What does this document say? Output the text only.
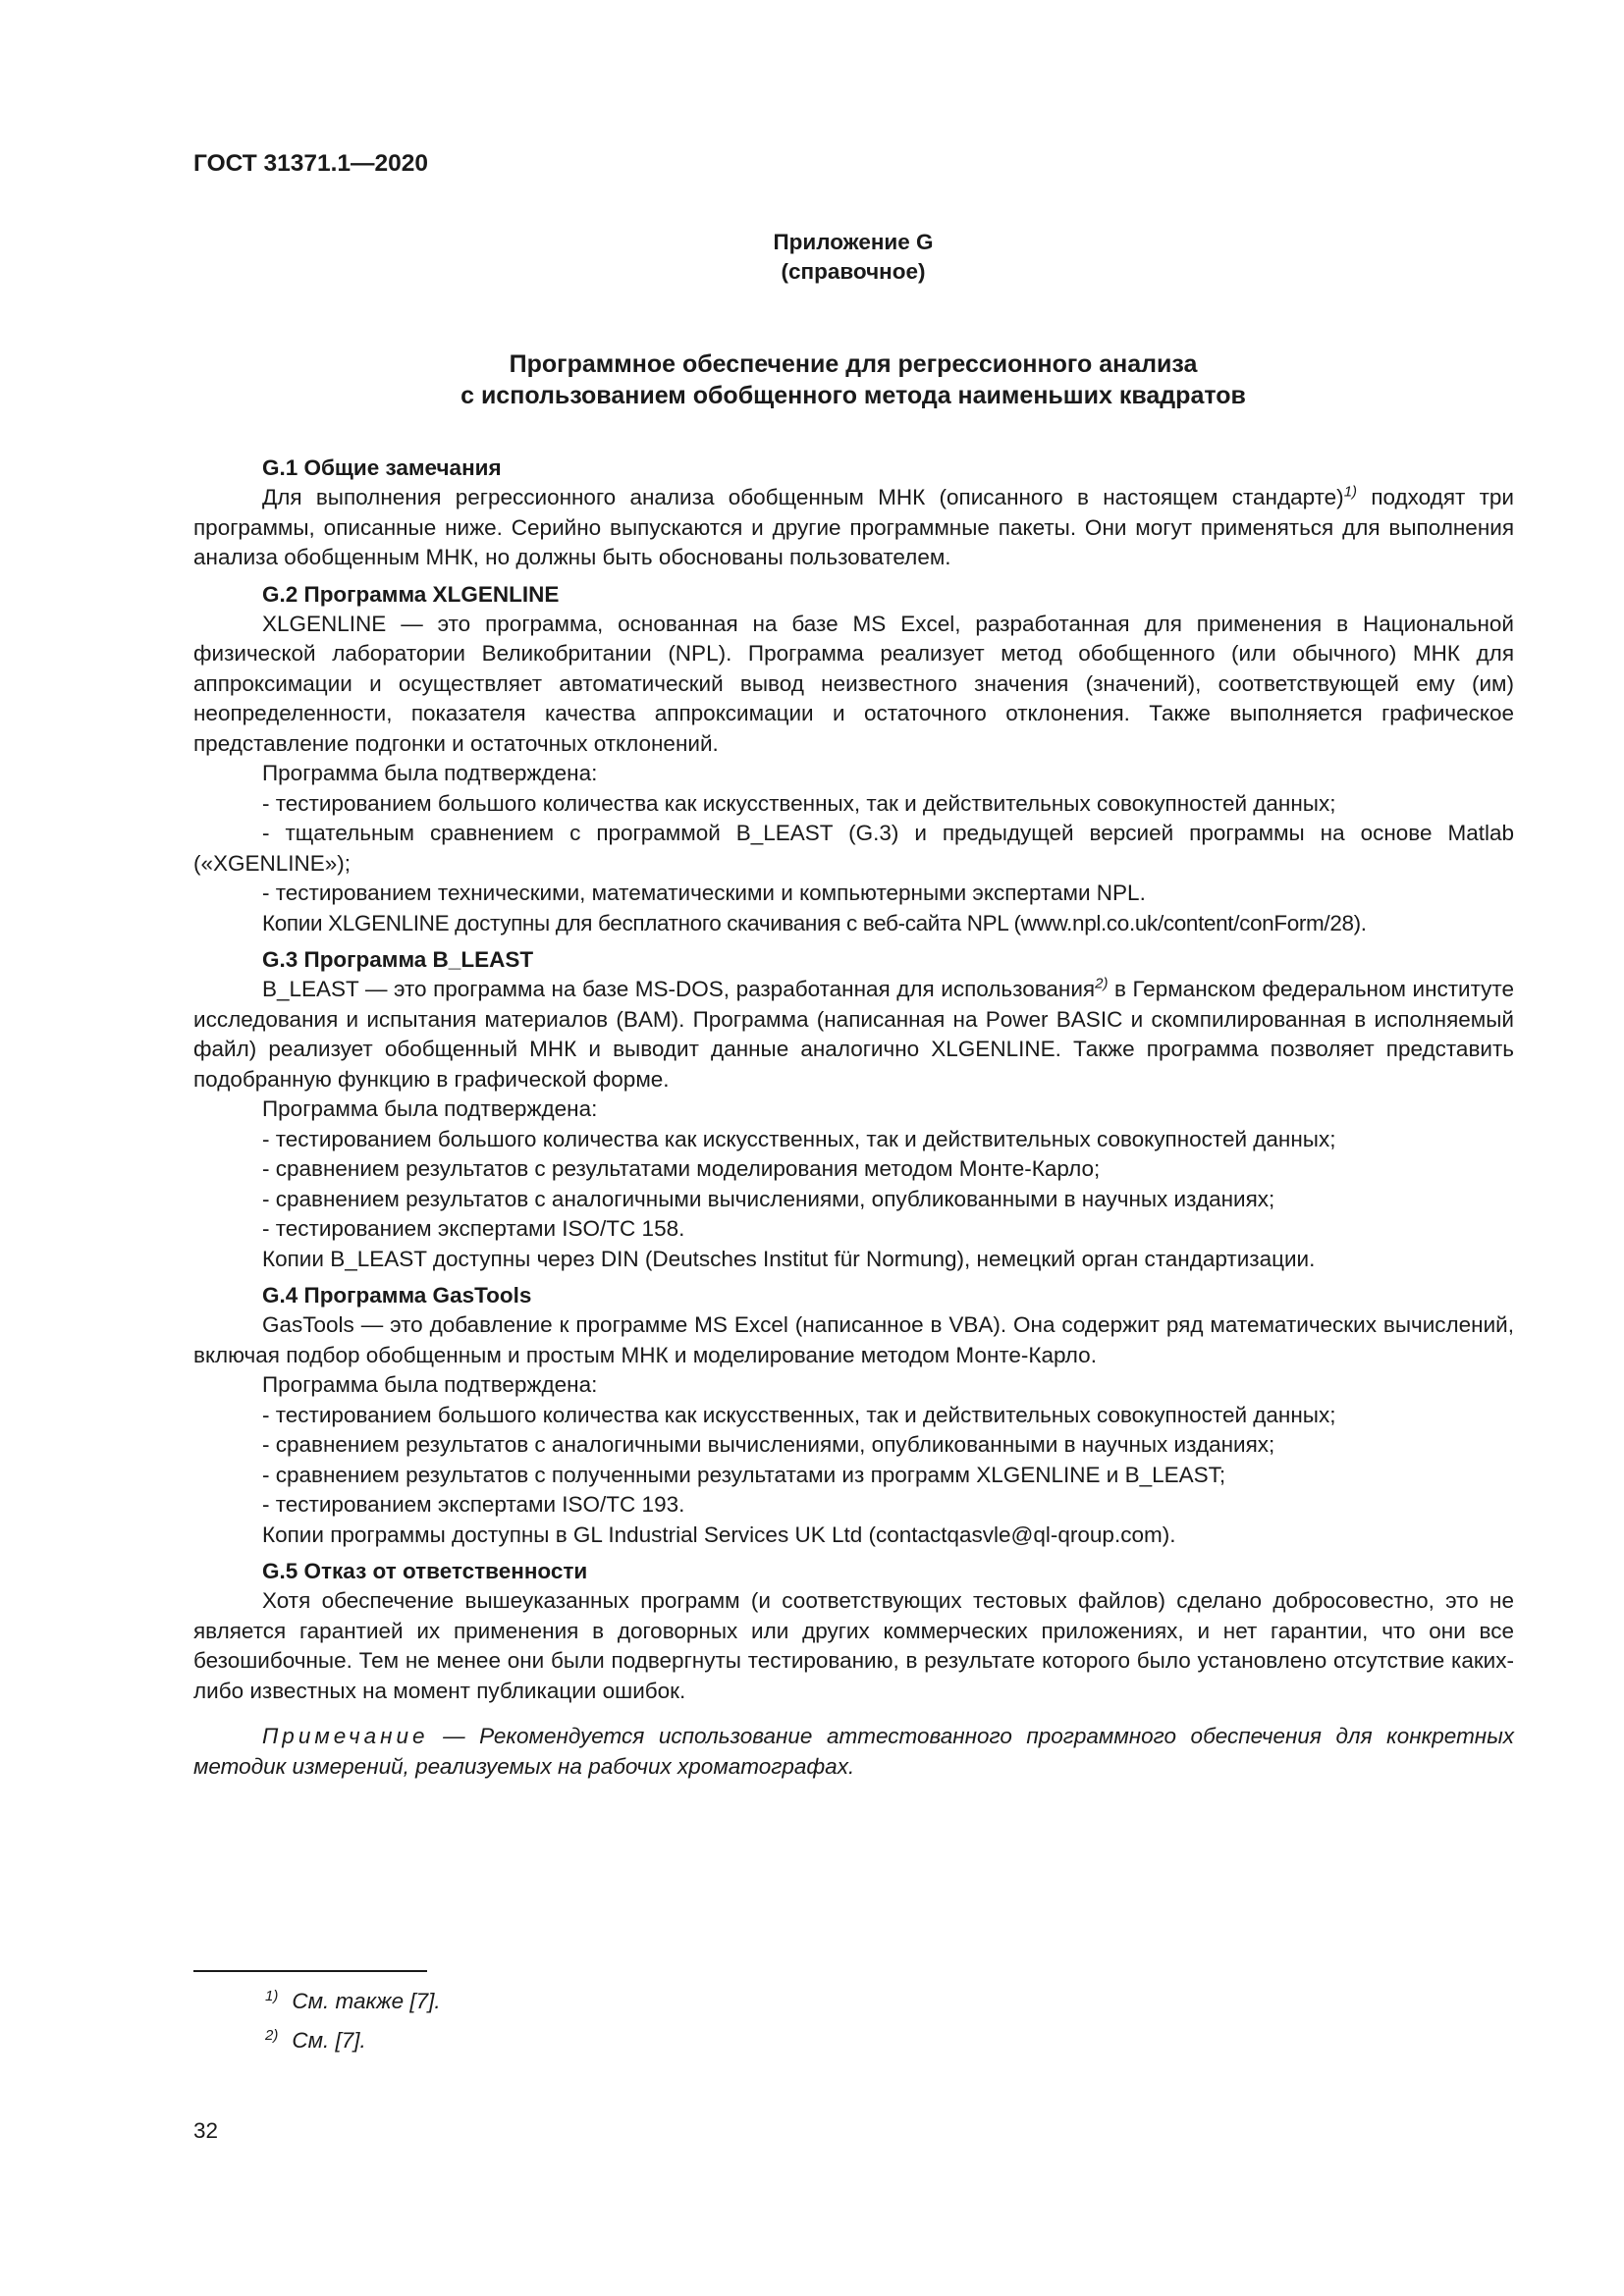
ГОСТ 31371.1—2020
Приложение G
(справочное)
Программное обеспечение для регрессионного анализа
с использованием обобщенного метода наименьших квадратов
G.1 Общие замечания

Для выполнения регрессионного анализа обобщенным МНК (описанного в настоящем стандарте)$^{1)}$ подходят три программы, описанные ниже. Серийно выпускаются и другие программные пакеты. Они могут применяться для выполнения анализа обобщенным МНК, но должны быть обоснованы пользователем.

G.2 Программа XLGENLINE

XLGENLINE — это программа, основанная на базе MS Excel, разработанная для применения в Национальной физической лаборатории Великобритании (NPL). Программа реализует метод обобщенного (или обычного) МНК для аппроксимации и осуществляет автоматический вывод неизвестного значения (значений), соответствующей ему (им) неопределенности, показателя качества аппроксимации и остаточного отклонения. Также выполняется графическое представление подгонки и остаточных отклонений.

Программа была подтверждена:

- тестированием большого количества как искусственных, так и действительных совокупностей данных;

- тщательным сравнением с программой B_LEAST (G.3) и предыдущей версией программы на основе Matlab («XGENLINE»);

- тестированием техническими, математическими и компьютерными экспертами NPL.

Копии XLGENLINE доступны для бесплатного скачивания с веб-сайта NPL (www.npl.co.uk/content/conForm/28).

G.3 Программа B_LEAST

B_LEAST — это программа на базе MS-DOS, разработанная для использования$^{2)}$ в Германском федеральном институте исследования и испытания материалов (BAM). Программа (написанная на Power BASIC и скомпилированная в исполняемый файл) реализует обобщенный МНК и выводит данные аналогично XLGENLINE. Также программа позволяет представить подобранную функцию в графической форме.

Программа была подтверждена:

- тестированием большого количества как искусственных, так и действительных совокупностей данных;

- сравнением результатов с результатами моделирования методом Монте-Карло;

- сравнением результатов с аналогичными вычислениями, опубликованными в научных изданиях;

- тестированием экспертами ISO/TC 158.

Копии B_LEAST доступны через DIN (Deutsches Institut für Normung), немецкий орган стандартизации.

G.4 Программа GasTools

GasTools — это добавление к программе MS Excel (написанное в VBA). Она содержит ряд математических вычислений, включая подбор обобщенным и простым МНК и моделирование методом Монте-Карло.

Программа была подтверждена:

- тестированием большого количества как искусственных, так и действительных совокупностей данных;

- сравнением результатов с аналогичными вычислениями, опубликованными в научных изданиях;

- сравнением результатов с полученными результатами из программ XLGENLINE и B_LEAST;

- тестированием экспертами ISO/TC 193.

Копии программы доступны в GL Industrial Services UK Ltd (contactqasvle@ql-qroup.com).

G.5 Отказ от ответственности

Хотя обеспечение вышеуказанных программ (и соответствующих тестовых файлов) сделано добросовестно, это не является гарантией их применения в договорных или других коммерческих приложениях, и нет гарантии, что они все безошибочные. Тем не менее они были подвергнуты тестированию, в результате которого было установлено отсутствие каких-либо известных на момент публикации ошибок.

Примечание — Рекомендуется использование аттестованного программного обеспечения для конкретных методик измерений, реализуемых на рабочих хроматографах.

$^{1)}$ См. также [7].
$^{2)}$ См. [7].
32
